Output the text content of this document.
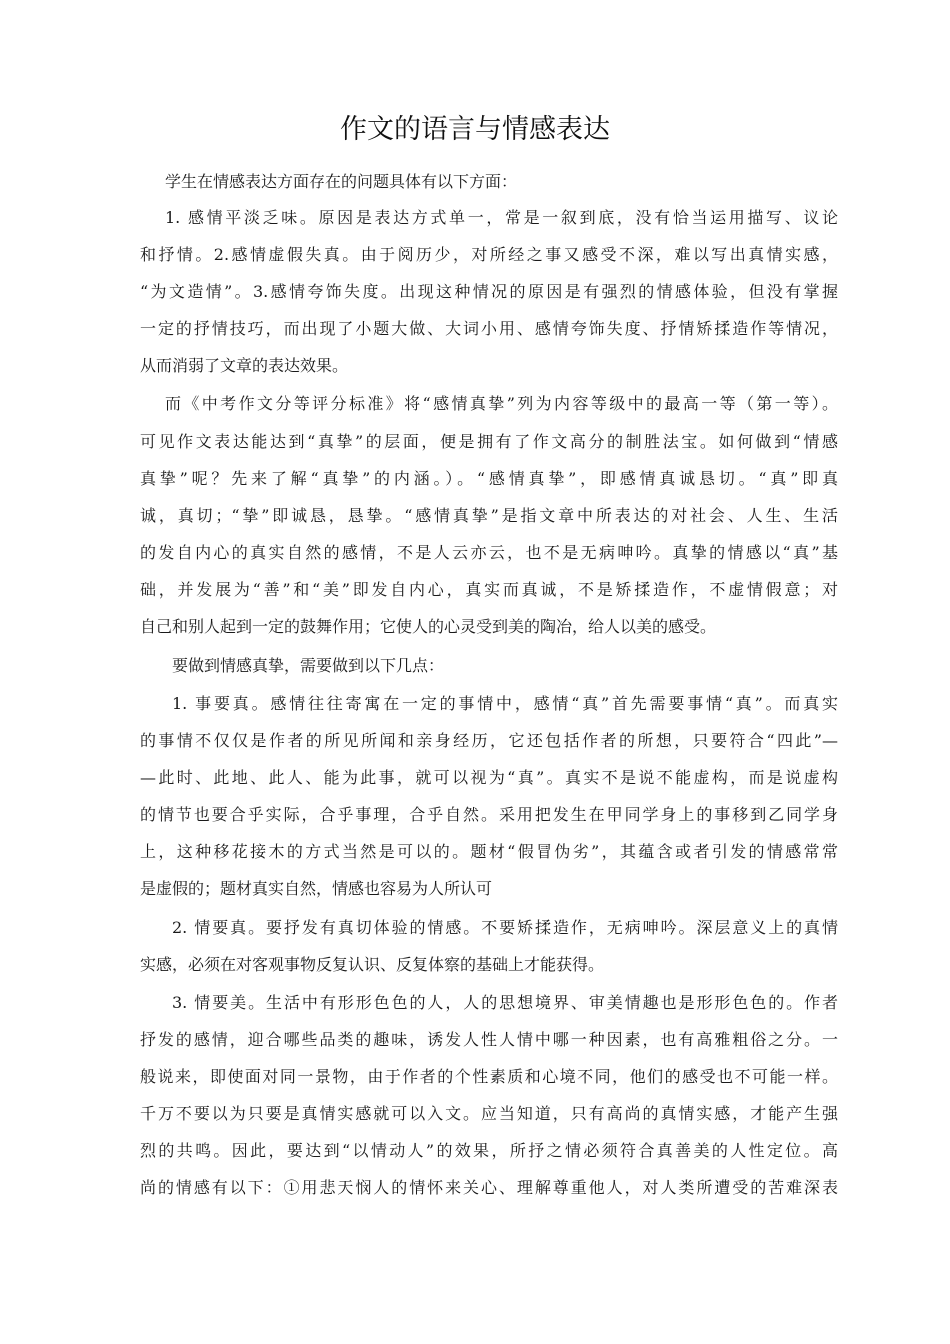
作文的语言与情感表达
学生在情感表达方面存在的问题具体有以下方面：
1. 感情平淡乏味。原因是表达方式单一，常是一叙到底，没有恰当运用描写、议论
和抒情。2.感情虚假失真。由于阅历少，对所经之事又感受不深，难以写出真情实感，
“为文造情”。3.感情夸饰失度。出现这种情况的原因是有强烈的情感体验，但没有掌握
一定的抒情技巧，而出现了小题大做、大词小用、感情夸饰失度、抒情矫揉造作等情况，
从而消弱了文章的表达效果。
而《中考作文分等评分标准》将“感情真挚”列为内容等级中的最高一等（第一等）。
可见作文表达能达到“真挚”的层面，便是拥有了作文高分的制胜法宝。如何做到“情感
真挚”呢？先来了解“真挚”的内涵。）。“感情真挚”，即感情真诚恳切。“真”即真
诚，真切；“挚”即诚恳，恳挚。“感情真挚”是指文章中所表达的对社会、人生、生活
的发自内心的真实自然的感情，不是人云亦云，也不是无病呻吟。真挚的情感以“真”基
础，并发展为“善”和“美”即发自内心，真实而真诚，不是矫揉造作，不虚情假意；对
自己和别人起到一定的鼓舞作用；它使人的心灵受到美的陶冶，给人以美的感受。
要做到情感真挚，需要做到以下几点：
1. 事要真。感情往往寄寓在一定的事情中，感情“真”首先需要事情“真”。而真实
的事情不仅仅是作者的所见所闻和亲身经历，它还包括作者的所想，只要符合“四此”—
—此时、此地、此人、能为此事，就可以视为“真”。真实不是说不能虚构，而是说虚构
的情节也要合乎实际，合乎事理，合乎自然。采用把发生在甲同学身上的事移到乙同学身
上，这种移花接木的方式当然是可以的。题材“假冒伪劣”，其蕴含或者引发的情感常常
是虚假的；题材真实自然，情感也容易为人所认可
2. 情要真。要抒发有真切体验的情感。不要矫揉造作，无病呻吟。深层意义上的真情
实感，必须在对客观事物反复认识、反复体察的基础上才能获得。
3. 情要美。生活中有形形色色的人，人的思想境界、审美情趣也是形形色色的。作者
抒发的感情，迎合哪些品类的趣味，诱发人性人情中哪一种因素，也有高雅粗俗之分。一
般说来，即使面对同一景物，由于作者的个性素质和心境不同，他们的感受也不可能一样。
千万不要以为只要是真情实感就可以入文。应当知道，只有高尚的真情实感，才能产生强
烈的共鸣。因此，要达到“以情动人”的效果，所抒之情必须符合真善美的人性定位。高
尚的情感有以下：①用悲天悯人的情怀来关心、理解尊重他人，对人类所遭受的苦难深表
